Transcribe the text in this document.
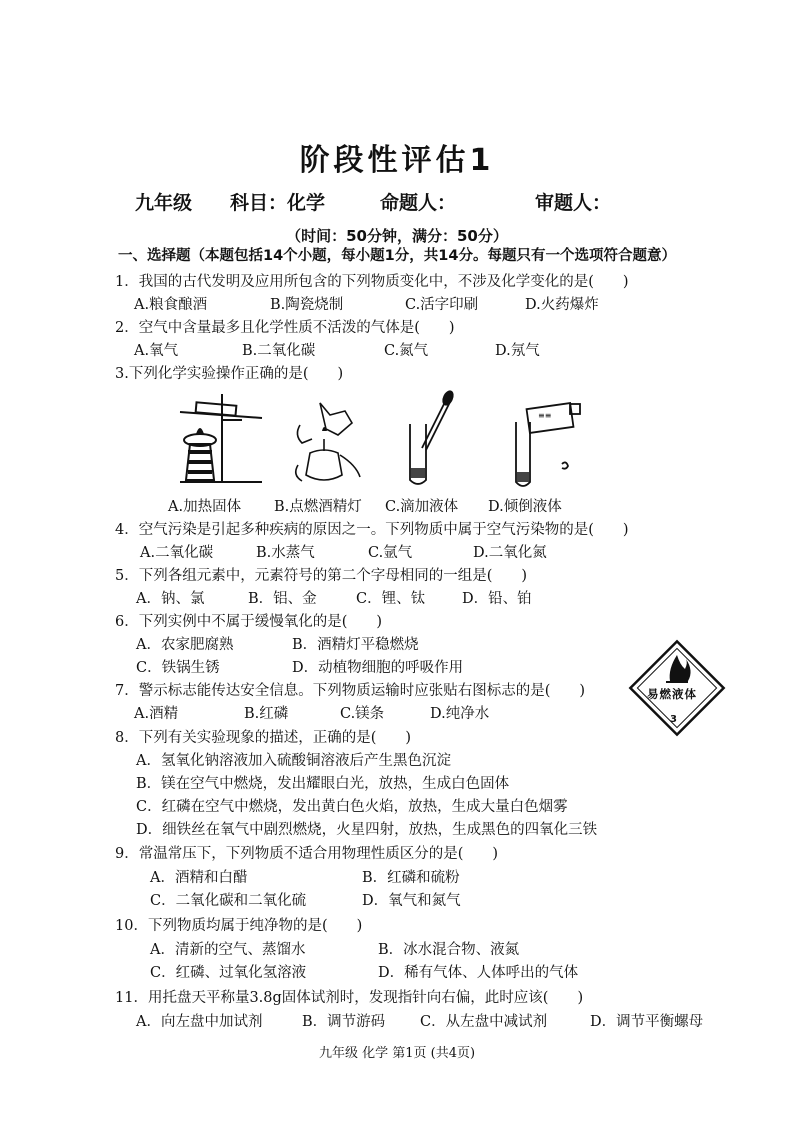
阶段性评估1
九年级 科目：化学	命题人：	审题人：
（时间：50分钟，满分：50分）
一、选择题（本题包括14个小题，每小题1分，共14分。每题只有一个选项符合题意）
1．我国的古代发明及应用所包含的下列物质变化中，不涉及化学变化的是(　　)
A.粮食酿酒	B.陶瓷烧制	C.活字印刷	D.火药爆炸
2．空气中含量最多且化学性质不活泼的气体是(　　)
A.氧气	B.二氧化碳	C.氮气	D.氖气
3.下列化学实验操作正确的是(　　)
≡≡
A.加热固体 B.点燃酒精灯 C.滴加液体 D.倾倒液体
4．空气污染是引起多种疾病的原因之一。下列物质中属于空气污染物的是(　　)
A.二氧化碳	B.水蒸气	C.氩气	D.二氧化氮
5．下列各组元素中，元素符号的第二个字母相同的一组是(　　)
A．钠、氯	B．铝、金	C．锂、钛	D．铅、铂
6．下列实例中不属于缓慢氧化的是(　　)
A．农家肥腐熟	B．酒精灯平稳燃烧
C．铁锅生锈	D．动植物细胞的呼吸作用
易燃液体
3
7．警示标志能传达安全信息。下列物质运输时应张贴右图标志的是(　　)
A.酒精	B.红磷	C.镁条	D.纯净水
8．下列有关实验现象的描述，正确的是(　　)
A．氢氧化钠溶液加入硫酸铜溶液后产生黑色沉淀
B．镁在空气中燃烧，发出耀眼白光，放热，生成白色固体
C．红磷在空气中燃烧，发出黄白色火焰，放热，生成大量白色烟雾
D．细铁丝在氧气中剧烈燃烧，火星四射，放热，生成黑色的四氧化三铁
9．常温常压下，下列物质不适合用物理性质区分的是(　　)
A．酒精和白醋	B．红磷和硫粉
C．二氧化碳和二氧化硫	D．氧气和氮气
10．下列物质均属于纯净物的是(　　)
A．清新的空气、蒸馏水	B．冰水混合物、液氮
C．红磷、过氧化氢溶液	D．稀有气体、人体呼出的气体
11．用托盘天平称量3.8g固体试剂时，发现指针向右偏，此时应该(　　)
A．向左盘中加试剂	B．调节游码 C．从左盘中减试剂	D．调节平衡螺母
九年级 化学 第1页 (共4页)
